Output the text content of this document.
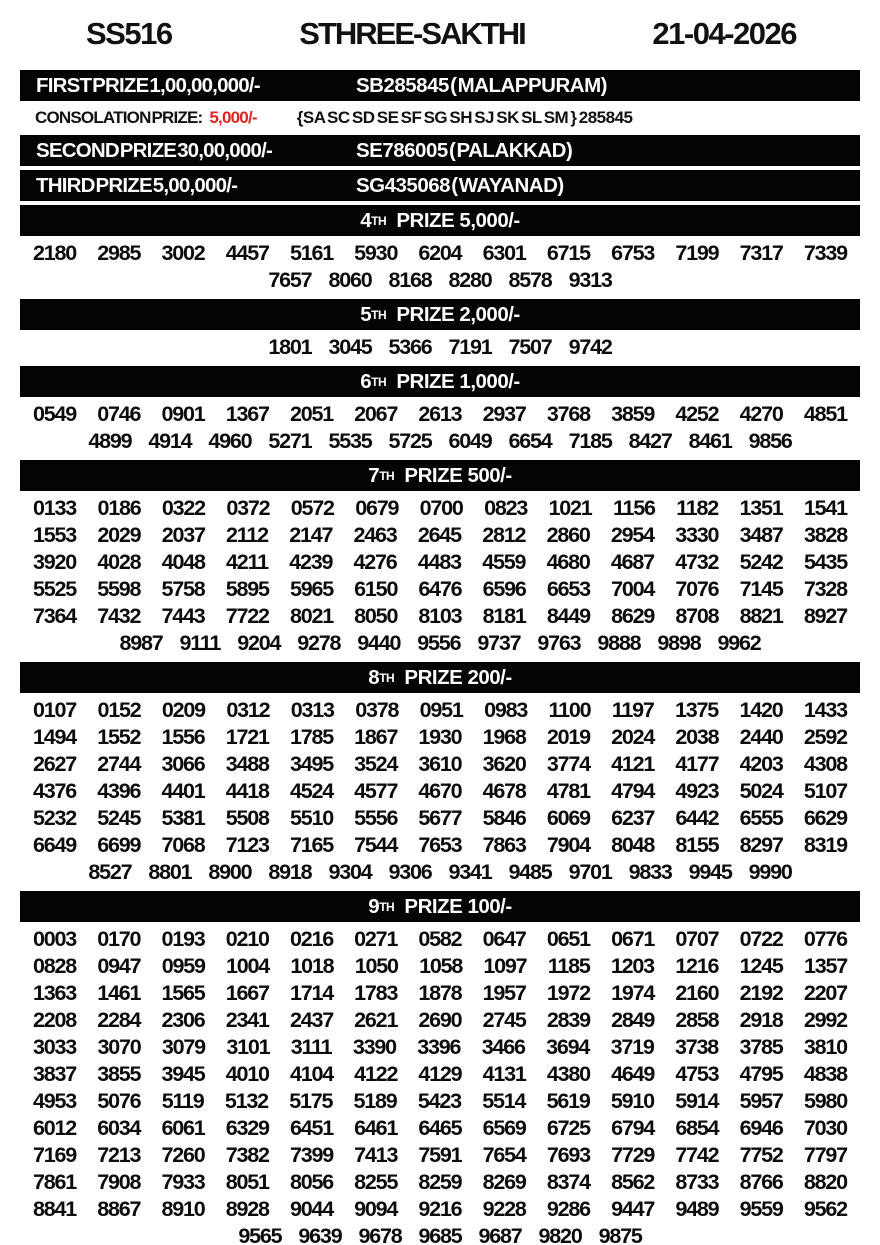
SS516	STHREE-SAKTHI	21-04-2026
FIRST PRIZE 1,00,00,000/-	SB285845 ( MALAPPURAM)
CONSOLATION PRIZE: 5,000/- {SA SC SD SE SF SG SH SJ SK SL SM } 285845
SECOND PRIZE 30,00,000/-	SE786005 ( PALAKKAD)
THIRD PRIZE 5,00,000/-	SG435068 ( WAYANAD)
4 TH PRIZE 5,000/-
2180 2985 3002 4457 5161 5930 6204 6301 6715 6753 7199 7317 7339
7657 8060 8168 8280 8578 9313
5 TH PRIZE 2,000/-
1801 3045 5366 7191 7507 9742
6 TH PRIZE 1,000/-
0549 0746 0901 1367 2051 2067 2613 2937 3768 3859 4252 4270 4851
4899 4914 4960 5271 5535 5725 6049 6654 7185 8427 8461 9856
7 TH PRIZE 500/-
0133 0186 0322 0372 0572 0679 0700 0823 1021 1156 1182 1351 1541
1553 2029 2037 2112 2147 2463 2645 2812 2860 2954 3330 3487 3828
3920 4028 4048 4211 4239 4276 4483 4559 4680 4687 4732 5242 5435
5525 5598 5758 5895 5965 6150 6476 6596 6653 7004 7076 7145 7328
7364 7432 7443 7722 8021 8050 8103 8181 8449 8629 8708 8821 8927
8987 9111 9204 9278 9440 9556 9737 9763 9888 9898 9962
8 TH PRIZE 200/-
0107 0152 0209 0312 0313 0378 0951 0983 1100 1197 1375 1420 1433
1494 1552 1556 1721 1785 1867 1930 1968 2019 2024 2038 2440 2592
2627 2744 3066 3488 3495 3524 3610 3620 3774 4121 4177 4203 4308
4376 4396 4401 4418 4524 4577 4670 4678 4781 4794 4923 5024 5107
5232 5245 5381 5508 5510 5556 5677 5846 6069 6237 6442 6555 6629
6649 6699 7068 7123 7165 7544 7653 7863 7904 8048 8155 8297 8319
8527 8801 8900 8918 9304 9306 9341 9485 9701 9833 9945 9990
9 TH PRIZE 100/-
0003 0170 0193 0210 0216 0271 0582 0647 0651 0671 0707 0722 0776
0828 0947 0959 1004 1018 1050 1058 1097 1185 1203 1216 1245 1357
1363 1461 1565 1667 1714 1783 1878 1957 1972 1974 2160 2192 2207
2208 2284 2306 2341 2437 2621 2690 2745 2839 2849 2858 2918 2992
3033 3070 3079 3101 3111 3390 3396 3466 3694 3719 3738 3785 3810
3837 3855 3945 4010 4104 4122 4129 4131 4380 4649 4753 4795 4838
4953 5076 5119 5132 5175 5189 5423 5514 5619 5910 5914 5957 5980
6012 6034 6061 6329 6451 6461 6465 6569 6725 6794 6854 6946 7030
7169 7213 7260 7382 7399 7413 7591 7654 7693 7729 7742 7752 7797
7861 7908 7933 8051 8056 8255 8259 8269 8374 8562 8733 8766 8820
8841 8867 8910 8928 9044 9094 9216 9228 9286 9447 9489 9559 9562
9565 9639 9678 9685 9687 9820 9875
